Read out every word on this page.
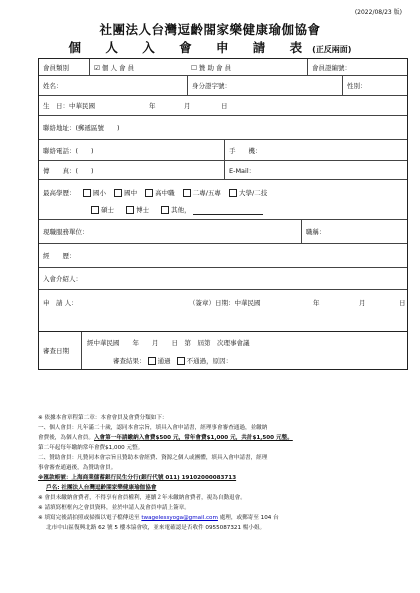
(2022/08/23 版)
社團法人台灣逗齡閤家樂健康瑜伽協會
個 人 入 會 申 請 表(正反兩面)
會員類別	☑ 個 人 會 員	☐ 贊 助 會 員	會員證編號：
姓名：	身分證字號：	性別：
生　日：中華民國	年	月	日
聯絡地址：(郵遞區號　　)
聯絡電話：(　　)	手　　機：
傳　　真：(　　)	E-Mail：
最高學歷：	國小	國中	高中職	二專/五專	大學/二技
碩士	博士	其他，
現職服務單位：	職稱：
經　　歷：
入會介紹人：
申　請 人：	（簽章）日期：中華民國	年	月	日
審查日期
經中華民國　　年　　月　　日　第　屆第　次理事會議
審查結果： 通過 不通過，原因：
※ 依據本會章程第二章：本會會員及會費分類如下：
一、個人會員：凡年滿二十歲，認同本會宗旨，填具入會申請書，經理事會審查通過，並繳納
會費後，為個人會員。入會第一年請繳納入會費$500 元，常年會費$1,000 元，共計$1,500 元整。
第二年起每年繳納常年會費$1,000 元整。
二、贊助會員：凡贊同本會宗旨且贊助本會經費、資源之個人或團體，填具入會申請書，經理
事會審查通過後，為贊助會員。
※匯款帳號：上海商業儲蓄銀行民生分行(銀行代號 011) 19102000083713
戶名: 社團法人台灣逗齡閤家樂健康瑜伽協會
※ 會員未繳納會費者，不得享有會員權利，連續２年未繳納會費者，視為自動退會。
※ 請填寫框框內之會員資料，並於申請人及會員申請上簽章。
※ 填寫完後請拍照或掃描以電子檔傳送至 twagelessyoga@gmail.com 處理，或郵寄至 104 台
北市中山區復興北路 62 號 5 樓本協會收，並來電確認是否收件 0955087321 楊小姐。
